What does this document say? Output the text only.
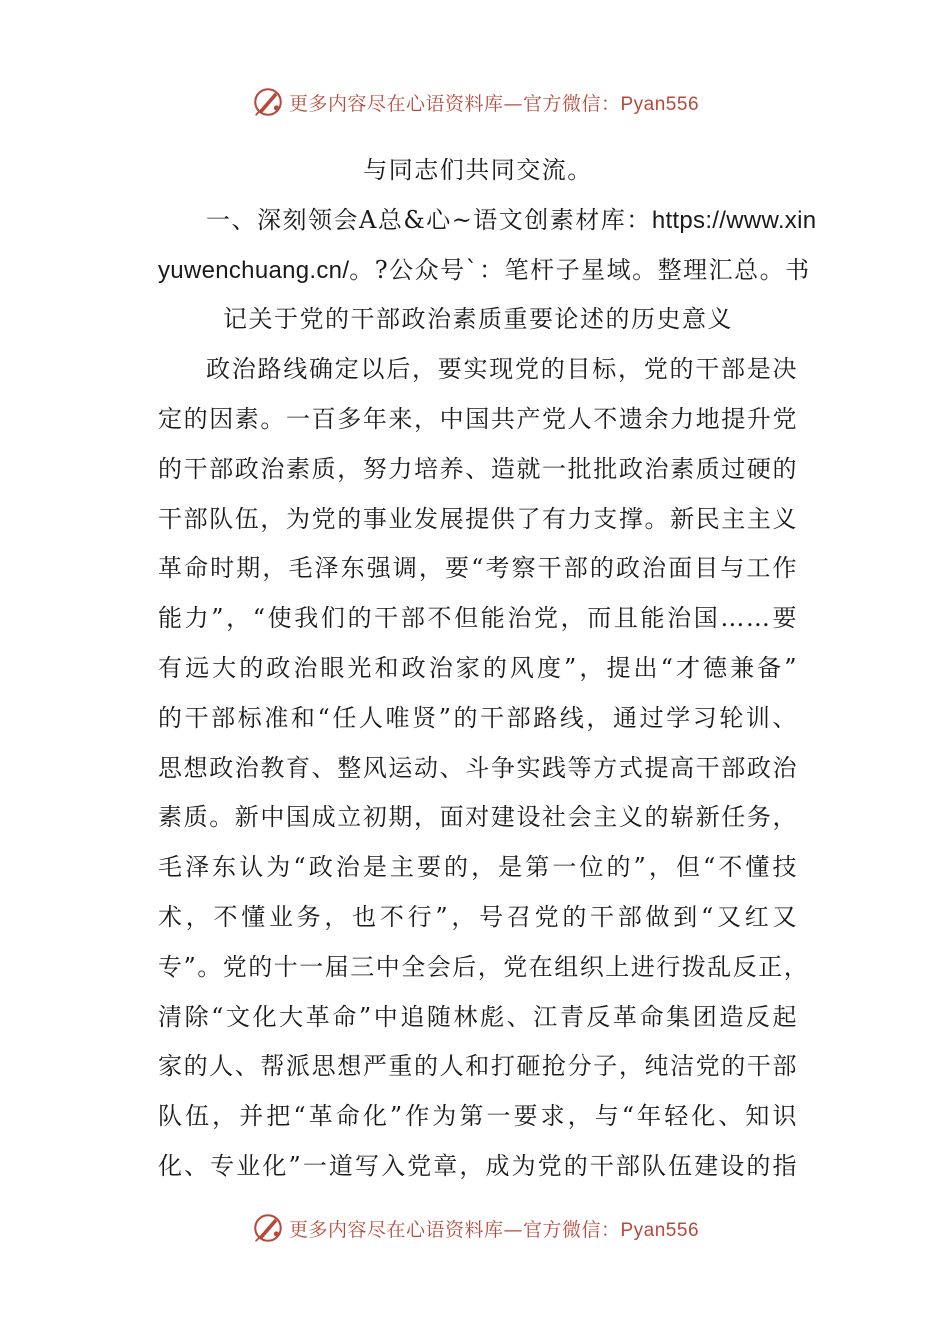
更多内容尽在心语资料库—官方微信：Pyan556
与同志们共同交流。
一、深刻领会A总&心~语文创素材库：https://www.xin
yuwenchuang.cn/。?公众号`：笔杆子星域。整理汇总。书
记关于党的干部政治素质重要论述的历史意义
政治路线确定以后，要实现党的目标，党的干部是决
定的因素。一百多年来，中国共产党人不遗余力地提升党
的干部政治素质，努力培养、造就一批批政治素质过硬的
干部队伍，为党的事业发展提供了有力支撑。新民主主义
革命时期，毛泽东强调，要“考察干部的政治面目与工作
能力”，“使我们的干部不但能治党，而且能治国……要
有远大的政治眼光和政治家的风度”，提出“才德兼备”
的干部标准和“任人唯贤”的干部路线，通过学习轮训、
思想政治教育、整风运动、斗争实践等方式提高干部政治
素质。新中国成立初期，面对建设社会主义的崭新任务，
毛泽东认为“政治是主要的，是第一位的”，但“不懂技
术，不懂业务，也不行”，号召党的干部做到“又红又
专”。党的十一届三中全会后，党在组织上进行拨乱反正，
清除“文化大革命”中追随林彪、江青反革命集团造反起
家的人、帮派思想严重的人和打砸抢分子，纯洁党的干部
队伍，并把“革命化”作为第一要求，与“年轻化、知识
化、专业化”一道写入党章，成为党的干部队伍建设的指
更多内容尽在心语资料库—官方微信：Pyan556
